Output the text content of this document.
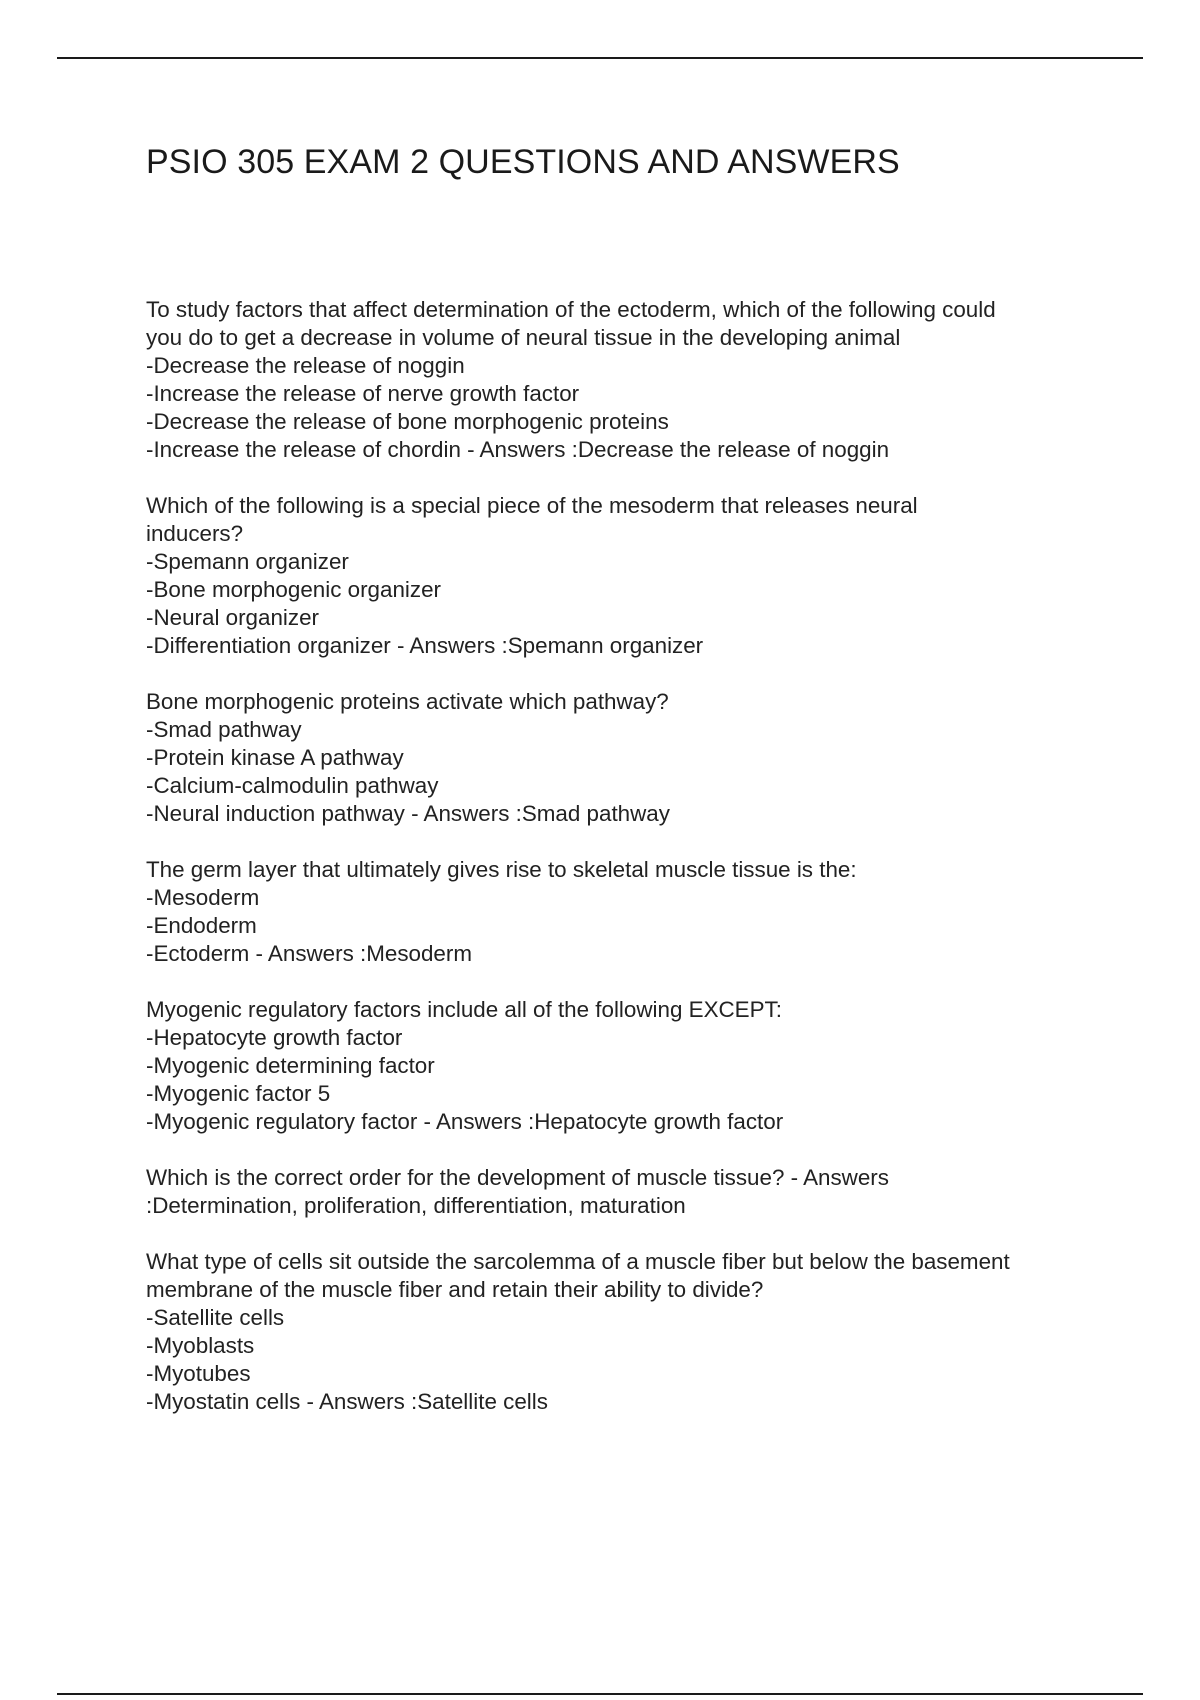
PSIO 305 EXAM 2 QUESTIONS AND ANSWERS
To study factors that affect determination of the ectoderm, which of the following could
you do to get a decrease in volume of neural tissue in the developing animal
-Decrease the release of noggin
-Increase the release of nerve growth factor
-Decrease the release of bone morphogenic proteins
-Increase the release of chordin - Answers :Decrease the release of noggin
Which of the following is a special piece of the mesoderm that releases neural
inducers?
-Spemann organizer
-Bone morphogenic organizer
-Neural organizer
-Differentiation organizer - Answers :Spemann organizer
Bone morphogenic proteins activate which pathway?
-Smad pathway
-Protein kinase A pathway
-Calcium-calmodulin pathway
-Neural induction pathway - Answers :Smad pathway
The germ layer that ultimately gives rise to skeletal muscle tissue is the:
-Mesoderm
-Endoderm
-Ectoderm - Answers :Mesoderm
Myogenic regulatory factors include all of the following EXCEPT:
-Hepatocyte growth factor
-Myogenic determining factor
-Myogenic factor 5
-Myogenic regulatory factor - Answers :Hepatocyte growth factor
Which is the correct order for the development of muscle tissue? - Answers
:Determination, proliferation, differentiation, maturation
What type of cells sit outside the sarcolemma of a muscle fiber but below the basement
membrane of the muscle fiber and retain their ability to divide?
-Satellite cells
-Myoblasts
-Myotubes
-Myostatin cells - Answers :Satellite cells
